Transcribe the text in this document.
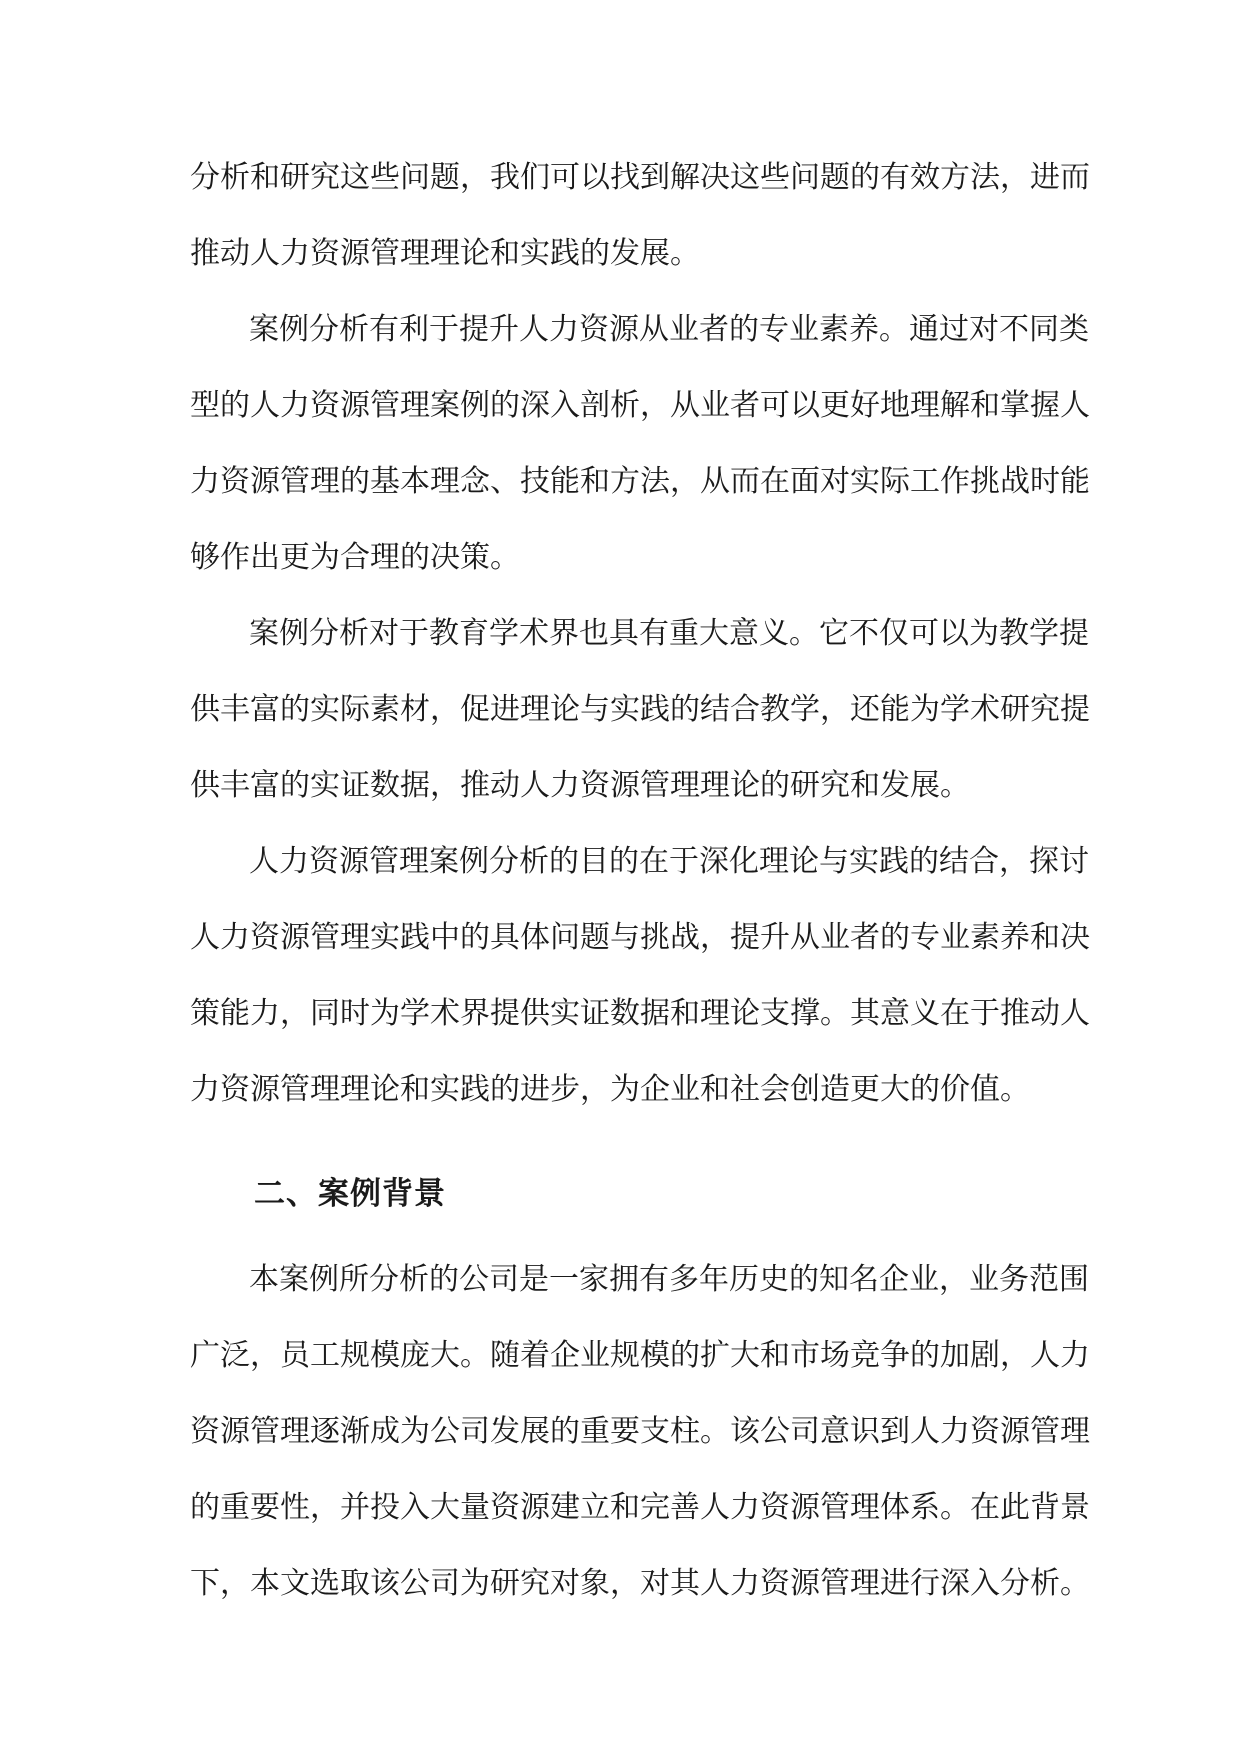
分析和研究这些问题，我们可以找到解决这些问题的有效方法，进而
推动人力资源管理理论和实践的发展。
案例分析有利于提升人力资源从业者的专业素养。通过对不同类
型的人力资源管理案例的深入剖析，从业者可以更好地理解和掌握人
力资源管理的基本理念、技能和方法，从而在面对实际工作挑战时能
够作出更为合理的决策。
案例分析对于教育学术界也具有重大意义。它不仅可以为教学提
供丰富的实际素材，促进理论与实践的结合教学，还能为学术研究提
供丰富的实证数据，推动人力资源管理理论的研究和发展。
人力资源管理案例分析的目的在于深化理论与实践的结合，探讨
人力资源管理实践中的具体问题与挑战，提升从业者的专业素养和决
策能力，同时为学术界提供实证数据和理论支撑。其意义在于推动人
力资源管理理论和实践的进步，为企业和社会创造更大的价值。
二、案例背景
本案例所分析的公司是一家拥有多年历史的知名企业，业务范围
广泛，员工规模庞大。随着企业规模的扩大和市场竞争的加剧，人力
资源管理逐渐成为公司发展的重要支柱。该公司意识到人力资源管理
的重要性，并投入大量资源建立和完善人力资源管理体系。在此背景
下，本文选取该公司为研究对象，对其人力资源管理进行深入分析。
